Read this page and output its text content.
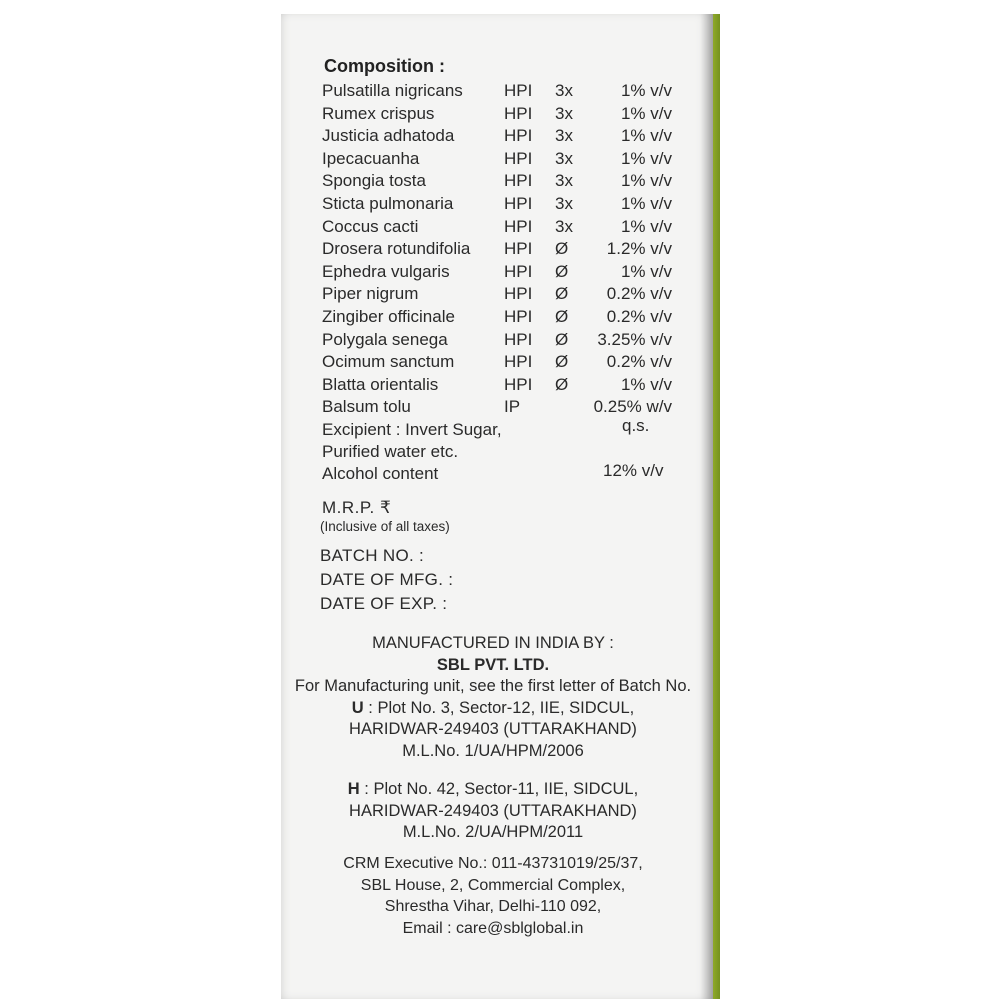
Composition :
Pulsatilla nigricans HPI 3x	1% v/v
Rumex crispus	HPI 3x	1% v/v
Justicia adhatoda	HPI 3x	1% v/v
Ipecacuanha	HPI 3x	1% v/v
Spongia tosta	HPI 3x	1% v/v
Sticta pulmonaria	HPI 3x	1% v/v
Coccus cacti	HPI 3x	1% v/v
Drosera rotundifolia HPI Ø	1.2% v/v
Ephedra vulgaris	HPI Ø	1% v/v
Piper nigrum	HPI Ø	0.2% v/v
Zingiber officinale	HPI Ø	0.2% v/v
Polygala senega	HPI Ø	3.25% v/v
Ocimum sanctum	HPI Ø	0.2% v/v
Blatta orientalis	HPI Ø	1% v/v
Balsum tolu	IP	0.25% w/v
Excipient : Invert Sugar,
Purified water etc.
q.s.
Alcohol content	12% v/v
M.R.P. ₹
(Inclusive of all taxes)
BATCH NO. :
DATE OF MFG. :
DATE OF EXP. :
MANUFACTURED IN INDIA BY :
SBL PVT. LTD.
For Manufacturing unit, see the first letter of Batch No.
U : Plot No. 3, Sector-12, IIE, SIDCUL,
HARIDWAR-249403 (UTTARAKHAND)
M.L.No. 1/UA/HPM/2006
H : Plot No. 42, Sector-11, IIE, SIDCUL,
HARIDWAR-249403 (UTTARAKHAND)
M.L.No. 2/UA/HPM/2011
CRM Executive No.: 011-43731019/25/37,
SBL House, 2, Commercial Complex,
Shrestha Vihar, Delhi-110 092,
Email : care@sblglobal.in
